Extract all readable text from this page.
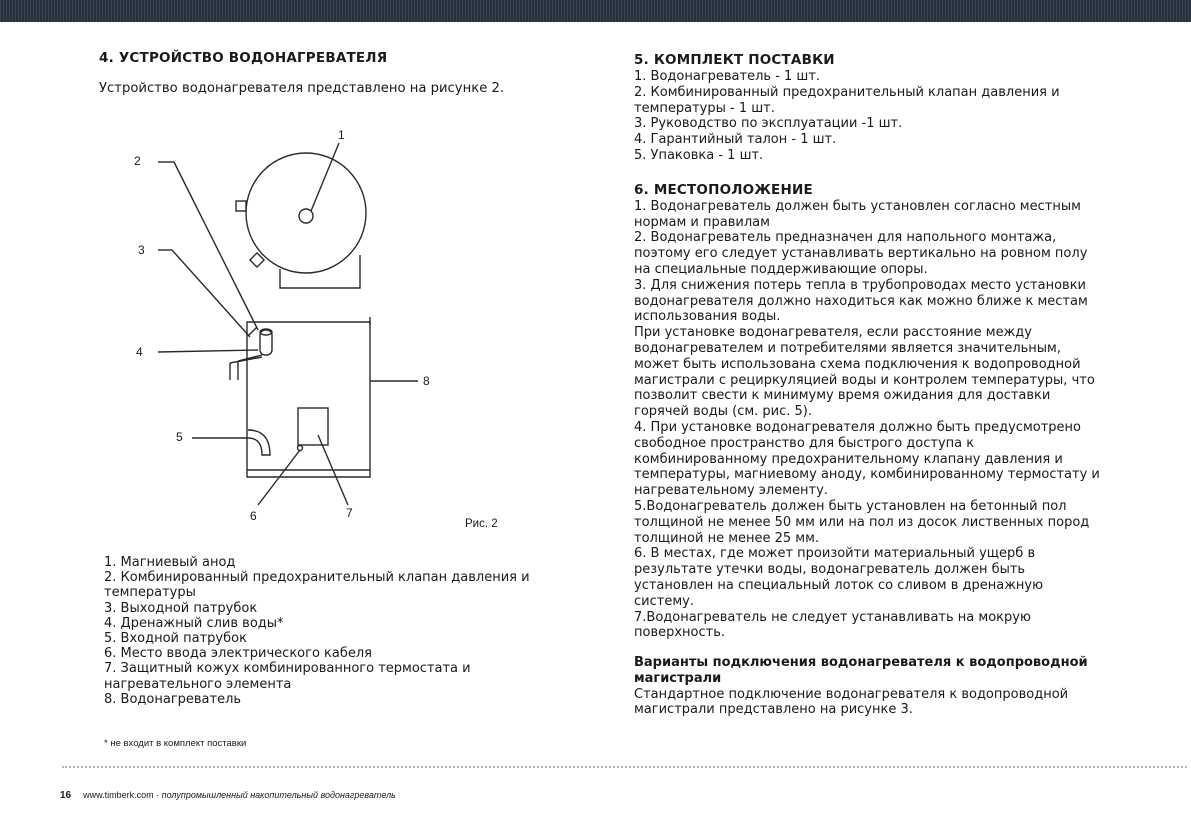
4. УСТРОЙСТВО ВОДОНАГРЕВАТЕЛЯ

Устройство водонагревателя представлено на рисунке 2.

1
2
3
4
5
6	7
8
Рис. 2
1. Магниевый анод
2. Комбинированный предохранительный клапан давления и температуры
3. Выходной патрубок
4. Дренажный слив воды*
5. Входной патрубок
6. Место ввода электрического кабеля
7. Защитный кожух комбинированного термостата и нагревательного элемента
8. Водонагреватель
* не входит в комплект поставки
5. КОМПЛЕКТ ПОСТАВКИ
1. Водонагреватель - 1 шт.
2. Комбинированный предохранительный клапан давления и температуры - 1 шт.
3. Руководство по эксплуатации -1 шт.
4. Гарантийный талон - 1 шт.
5. Упаковка - 1 шт.
6. МЕСТОПОЛОЖЕНИЕ

1. Водонагреватель должен быть установлен согласно местным нормам и правилам

2. Водонагреватель предназначен для напольного монтажа, поэтому его следует устанавливать вертикально на ровном полу на специальные поддерживающие опоры.

3. Для снижения потерь тепла в трубопроводах место установки водонагревателя должно находиться как можно ближе к местам использования воды.

При установке водонагревателя, если расстояние между водонагревателем и потребителями является значительным, может быть использована схема подключения к водопроводной магистрали с рециркуляцией воды и контролем температуры, что позволит свести к минимуму время ожидания для доставки горячей воды (см. рис. 5).

4. При установке водонагревателя должно быть предусмотрено свободное пространство для быстрого доступа к комбинированному предохранительному клапану давления и температуры, магниевому аноду, комбинированному термостату и нагревательному элементу.

5.Водонагреватель должен быть установлен на бетонный пол толщиной не менее 50 мм или на пол из досок лиственных пород толщиной не менее 25 мм.

6. В местах, где может произойти материальный ущерб в результате утечки воды, водонагреватель должен быть установлен на специальный лоток со сливом в дренажную систему.

7.Водонагреватель не следует устанавливать на мокрую поверхность.

Варианты подключения водонагревателя к водопроводной магистрали

Стандартное подключение водонагревателя к водопроводной магистрали представлено на рисунке 3.

16 www.timberk.com · полупромышленный накопительный водонагреватель
